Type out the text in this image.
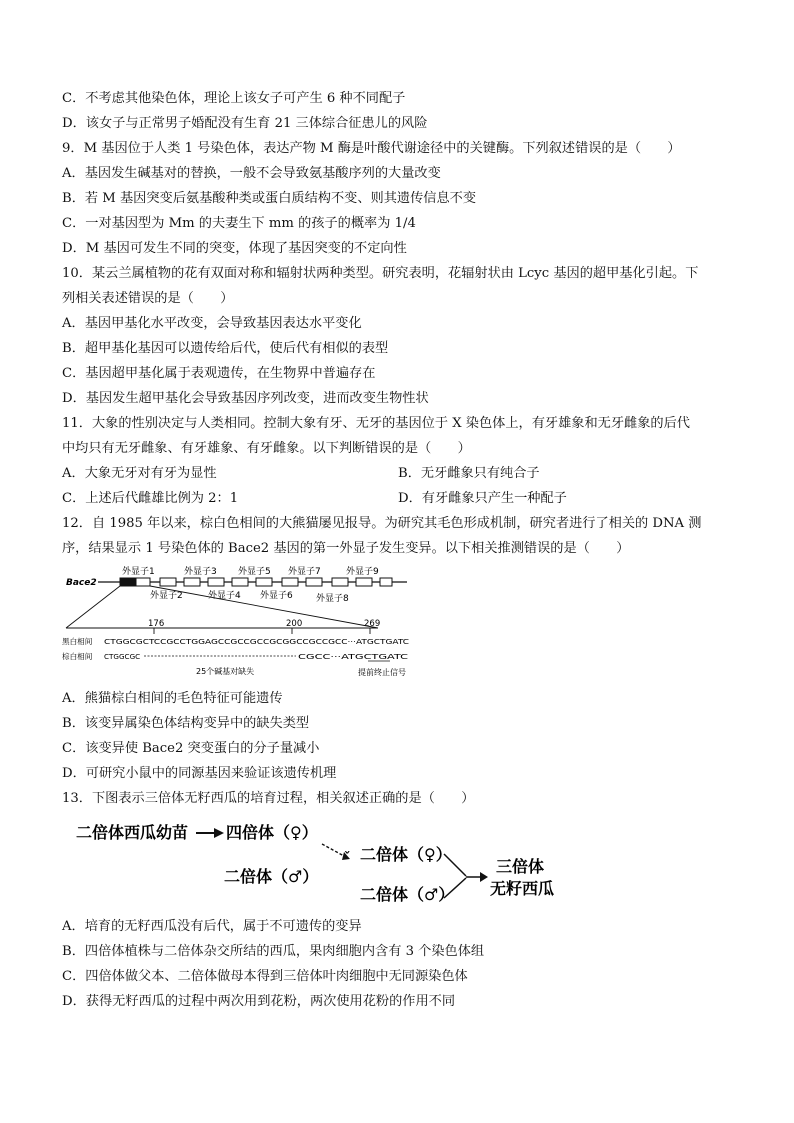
C．不考虑其他染色体，理论上该女子可产生 6 种不同配子
D．该女子与正常男子婚配没有生育 21 三体综合征患儿的风险
9．M 基因位于人类 1 号染色体，表达产物 M 酶是叶酸代谢途径中的关键酶。下列叙述错误的是（　　）
A．基因发生碱基对的替换，一般不会导致氨基酸序列的大量改变
B．若 M 基因突变后氨基酸种类或蛋白质结构不变、则其遗传信息不变
C．一对基因型为 Mm 的夫妻生下 mm 的孩子的概率为 1/4
D．M 基因可发生不同的突变，体现了基因突变的不定向性
10．某云兰属植物的花有双面对称和辐射状两种类型。研究表明，花辐射状由 Lcyc 基因的超甲基化引起。下
列相关表述错误的是（　　）
A．基因甲基化水平改变，会导致基因表达水平变化
B．超甲基化基因可以遗传给后代，使后代有相似的表型
C．基因超甲基化属于表观遗传，在生物界中普遍存在
D．基因发生超甲基化会导致基因序列改变，进而改变生物性状
11．大象的性别决定与人类相同。控制大象有牙、无牙的基因位于 X 染色体上，有牙雄象和无牙雌象的后代
中均只有无牙雌象、有牙雄象、有牙雌象。以下判断错误的是（　　）
A．大象无牙对有牙为显性	B．无牙雌象只有纯合子
C．上述后代雌雄比例为 2：1	D．有牙雌象只产生一种配子
12．自 1985 年以来，棕白色相间的大熊猫屡见报导。为研究其毛色形成机制，研究者进行了相关的 DNA 测
序，结果显示 1 号染色体的 Bace2 基因的第一外显子发生变异。以下相关推测错误的是（　　）
Bace2
外显子1	外显子3 外显子5 外显子7	外显子9
外显子2	外显子4 外显子6	外显子8
176	200	269
黑白相间 CTGGCGCTCCGCCTGGAGCCGCCGCCGCGGCCGCCGCC···ATGCTGATC
棕白相间 CTGGCGC	CGCC···ATGCTGATC
25个碱基对缺失	提前终止信号
A．熊猫棕白相间的毛色特征可能遗传
B．该变异属染色体结构变异中的缺失类型
C．该变异使 Bace2 突变蛋白的分子量减小
D．可研究小鼠中的同源基因来验证该遗传机理
13．下图表示三倍体无籽西瓜的培育过程，相关叙述正确的是（　　）
二倍体西瓜幼苗 四倍体（♀）
二倍体（♂）
ˇ 二倍体（♀）
二倍体（♂）
三倍体
无籽西瓜
A．培育的无籽西瓜没有后代，属于不可遗传的变异
B．四倍体植株与二倍体杂交所结的西瓜，果肉细胞内含有 3 个染色体组
C．四倍体做父本、二倍体做母本得到三倍体叶肉细胞中无同源染色体
D．获得无籽西瓜的过程中两次用到花粉，两次使用花粉的作用不同
